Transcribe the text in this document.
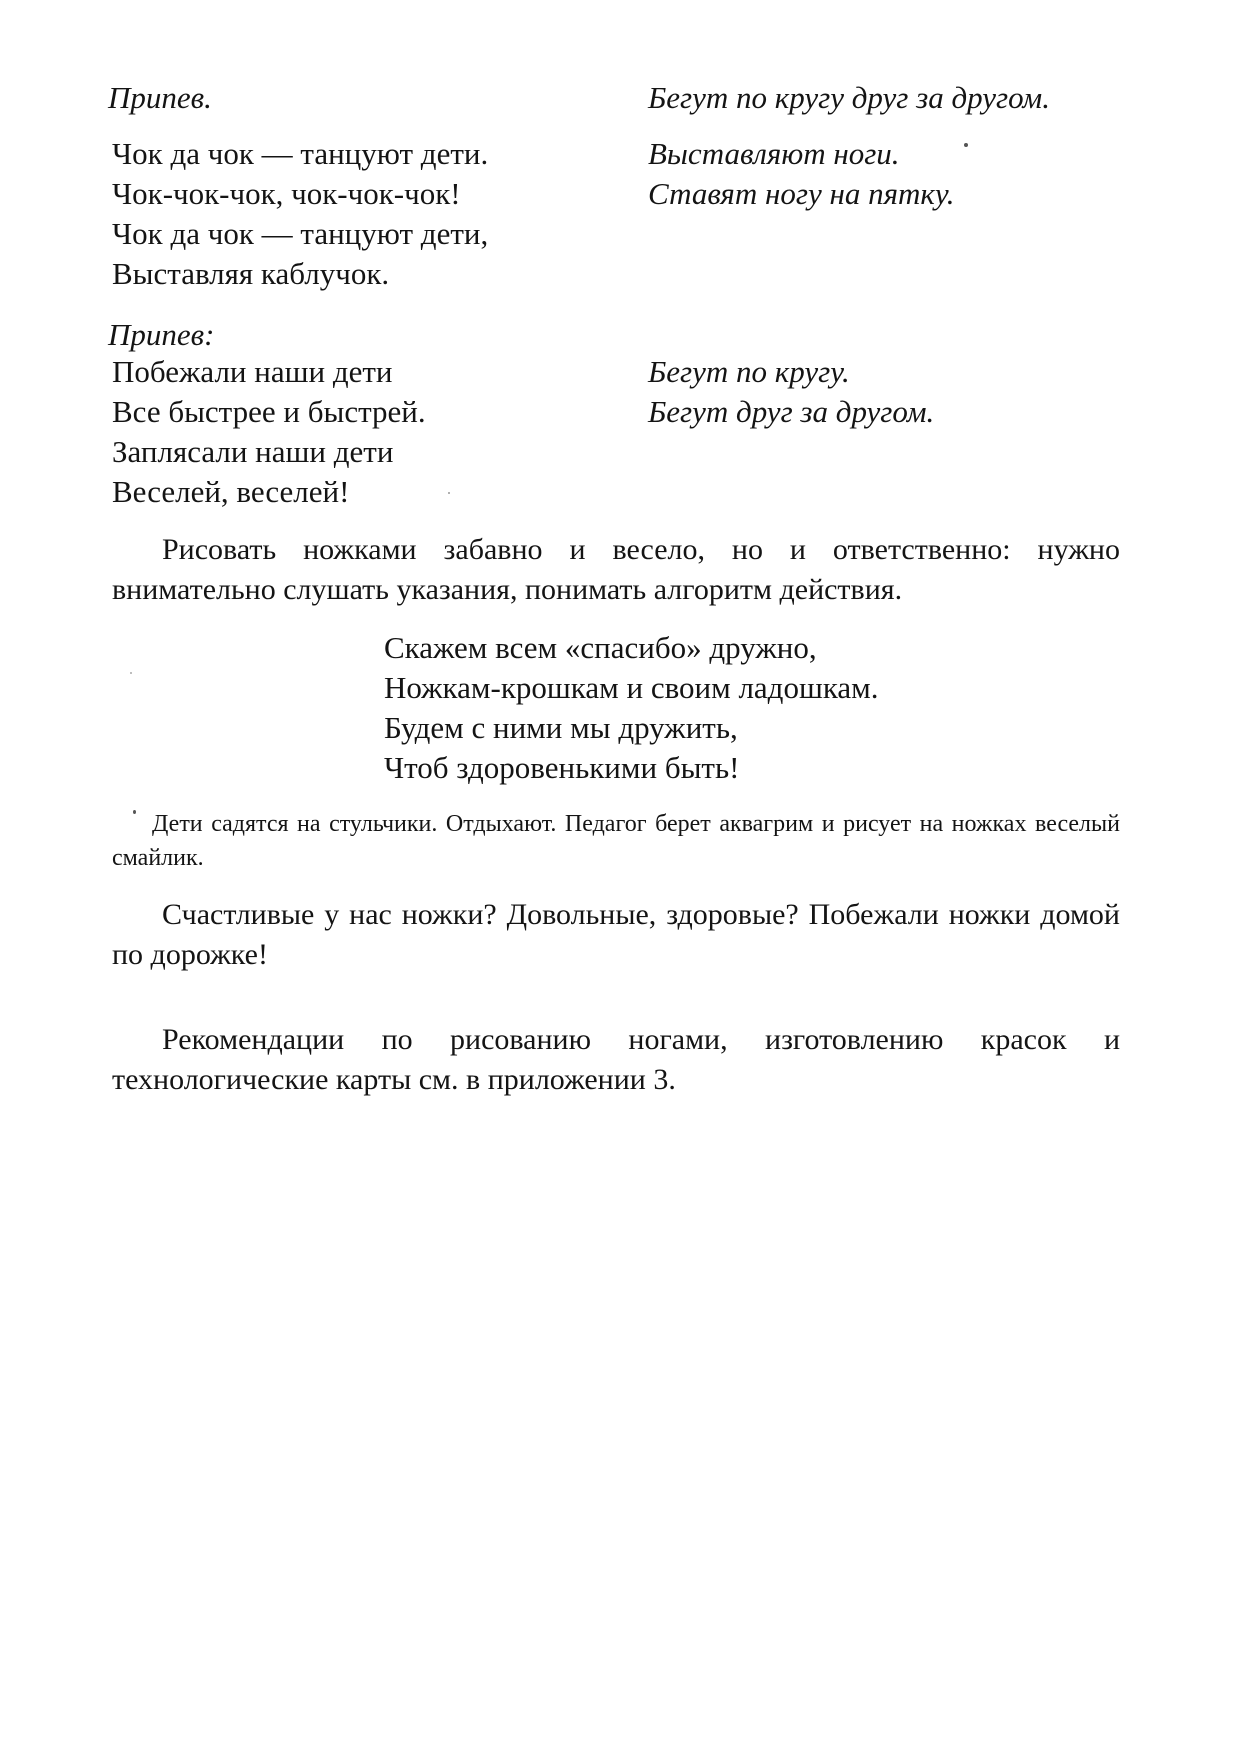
Припев.	Бегут по кругу друг за другом.
Чок да чок — танцуют дети.
Чок-чок-чок, чок-чок-чок!
Чок да чок — танцуют дети,
Выставляя каблучок.
Выставляют ноги.
Ставят ногу на пятку.
Припев:
Побежали наши дети
Все быстрее и быстрей.
Заплясали наши дети
Веселей, веселей!
Бегут по кругу.
Бегут друг за другом.
Рисовать ножками забавно и весело, но и ответственно: нужно внимательно слушать указания, понимать алгоритм действия.
Скажем всем «спасибо» дружно,
Ножкам-крошкам и своим ладошкам.
Будем с ними мы дружить,
Чтоб здоровенькими быть!
Дети садятся на стульчики. Отдыхают. Педагог берет аквагрим и рисует на ножках веселый смайлик.
Счастливые у нас ножки? Довольные, здоровые? Побежали ножки домой по дорожке!
Рекомендации по рисованию ногами, изготовлению красок и технологические карты см. в приложении 3.
